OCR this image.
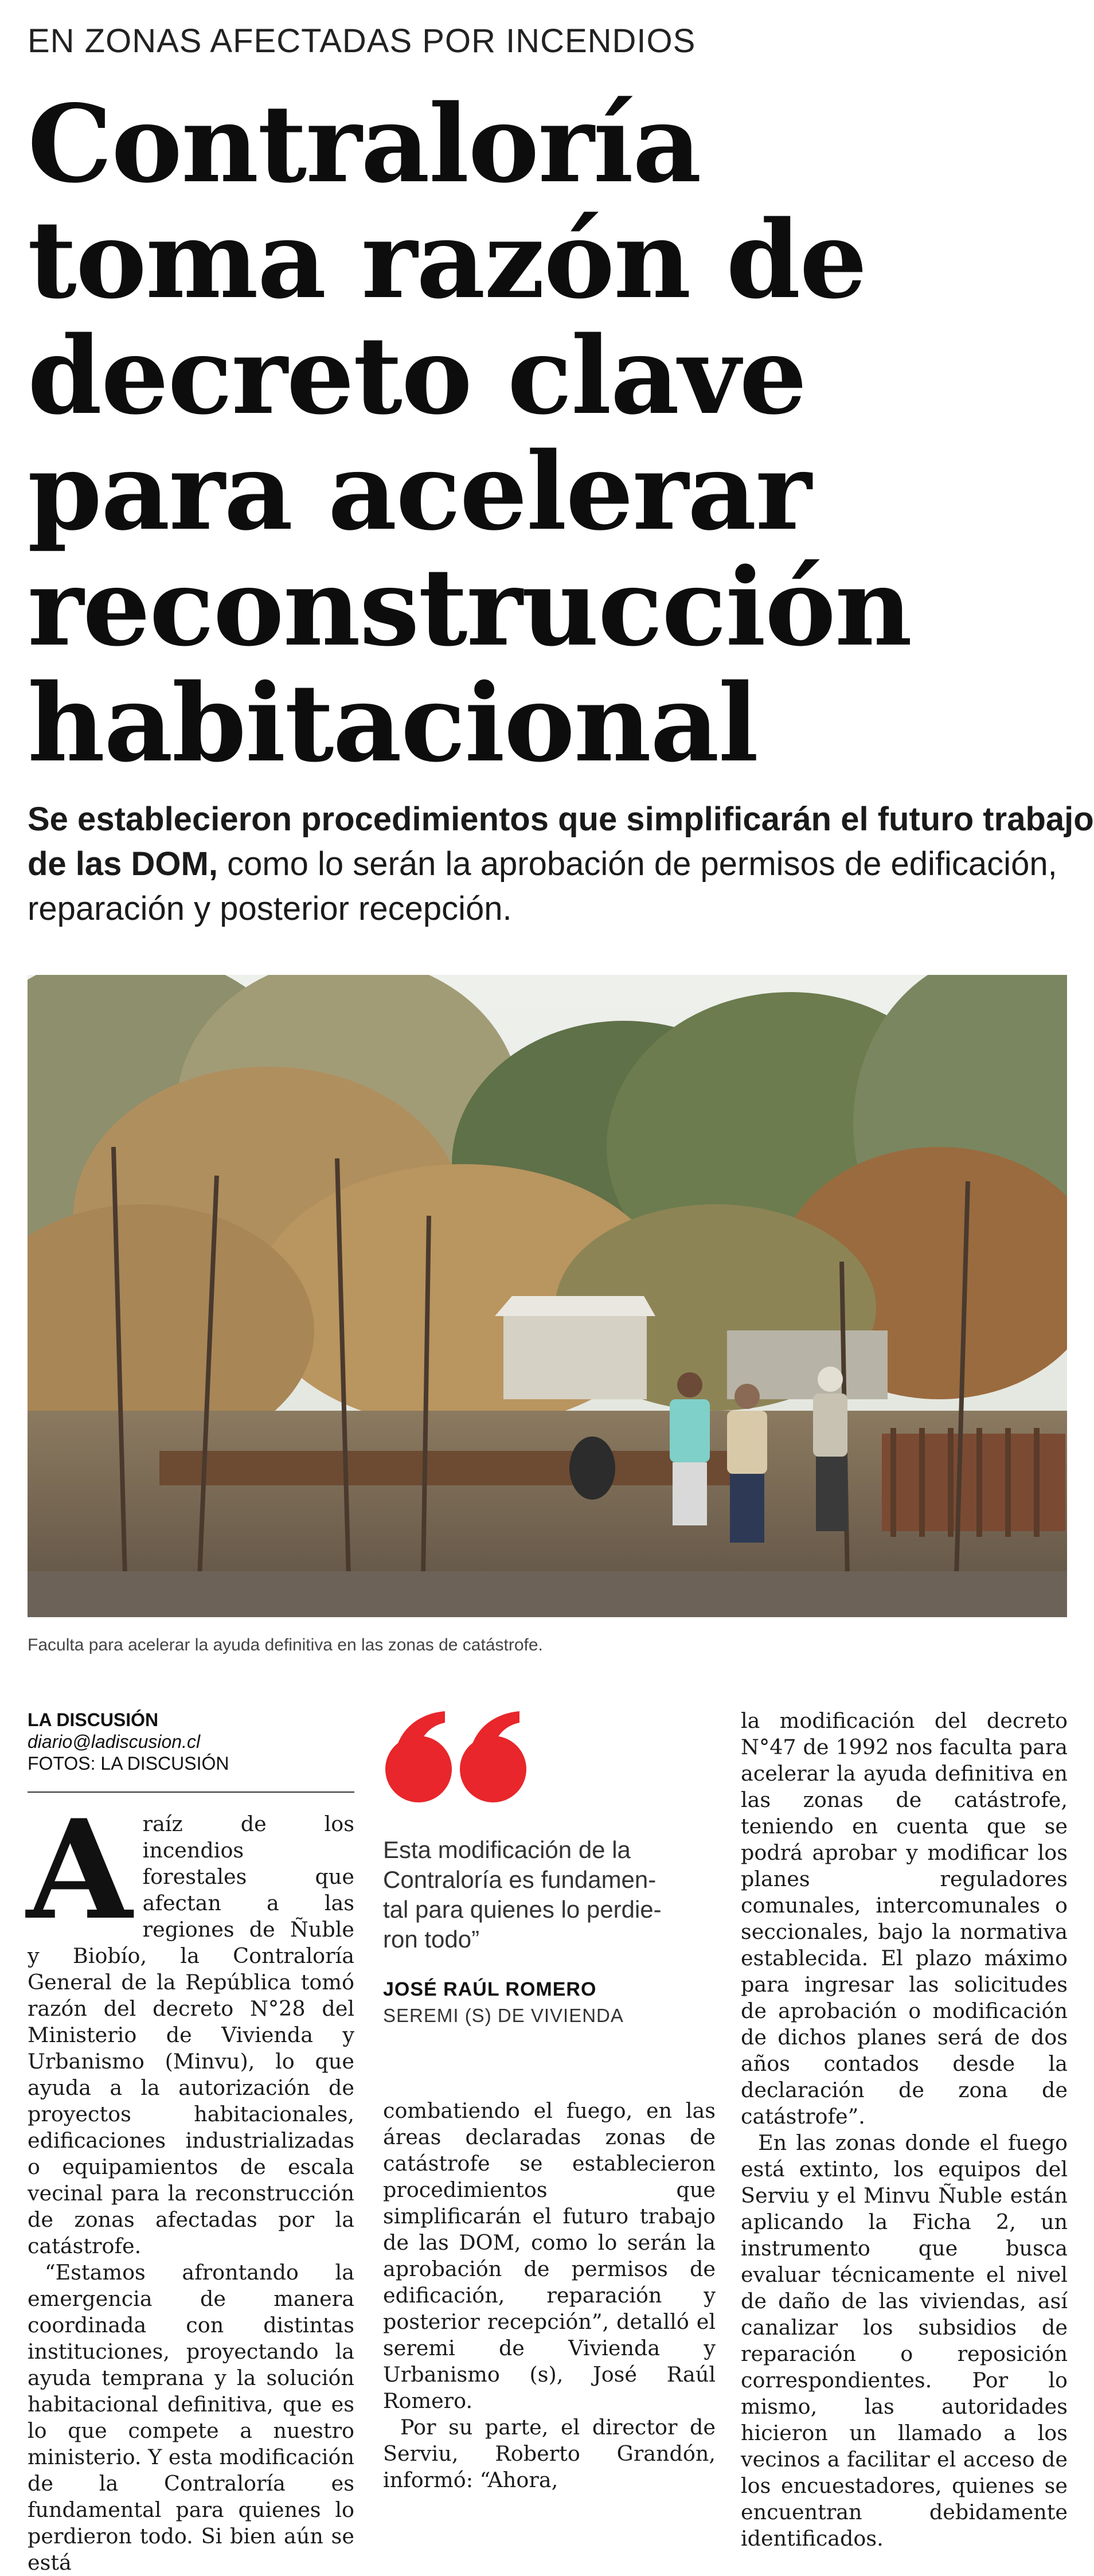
EN ZONAS AFECTADAS POR INCENDIOS
Contraloría
toma razón de
decreto clave
para acelerar
reconstrucción
habitacional
Se establecieron procedimientos que simplificarán el futuro trabajo
de las DOM, como lo serán la aprobación de permisos de edificación,
reparación y posterior recepción.
Faculta para acelerar la ayuda definitiva en las zonas de catástrofe.
LA DISCUSIÓN
diario@ladiscusion.cl
FOTOS: LA DISCUSIÓN

Araíz de los incendios forestales que afectan a las regiones de Ñuble y Biobío, la Contraloría General de la República tomó razón del decreto N°28 del Ministerio de Vivienda y Urbanismo (Minvu), lo que ayuda a la autorización de proyectos habitacionales, edificaciones industrializadas o equipamientos de escala vecinal para la reconstrucción de zonas afectadas por la catástrofe.

“Estamos afrontando la emergencia de manera coordinada con distintas instituciones, proyectando la ayuda temprana y la solución habitacional definitiva, que es lo que compete a nuestro ministerio. Y esta modificación de la Contraloría es fundamental para quienes lo perdieron todo. Si bien aún se está

Esta modificación de la
Contraloría es fundamen-
tal para quienes lo perdie-
ron todo”
JOSÉ RAÚL ROMERO
SEREMI (S) DE VIVIENDA

combatiendo el fuego, en las áreas declaradas zonas de catástrofe se establecieron procedimientos que simplificarán el futuro trabajo de las DOM, como lo serán la aprobación de permisos de edificación, reparación y posterior recepción”, detalló el seremi de Vivienda y Urbanismo (s), José Raúl Romero.

Por su parte, el director de Serviu, Roberto Grandón, informó: “Ahora,

la modificación del decreto N°47 de 1992 nos faculta para acelerar la ayuda definitiva en las zonas de catástrofe, teniendo en cuenta que se podrá aprobar y modificar los planes reguladores comunales, intercomunales o seccionales, bajo la normativa establecida. El plazo máximo para ingresar las solicitudes de aprobación o modificación de dichos planes será de dos años contados desde la declaración de zona de catástrofe”.

En las zonas donde el fuego está extinto, los equipos del Serviu y el Minvu Ñuble están aplicando la Ficha 2, un instrumento que busca evaluar técnicamente el nivel de daño de las viviendas, así canalizar los subsidios de reparación o reposición correspondientes. Por lo mismo, las autoridades hicieron un llamado a los vecinos a facilitar el acceso de los encuestadores, quienes se encuentran debidamente identificados.
